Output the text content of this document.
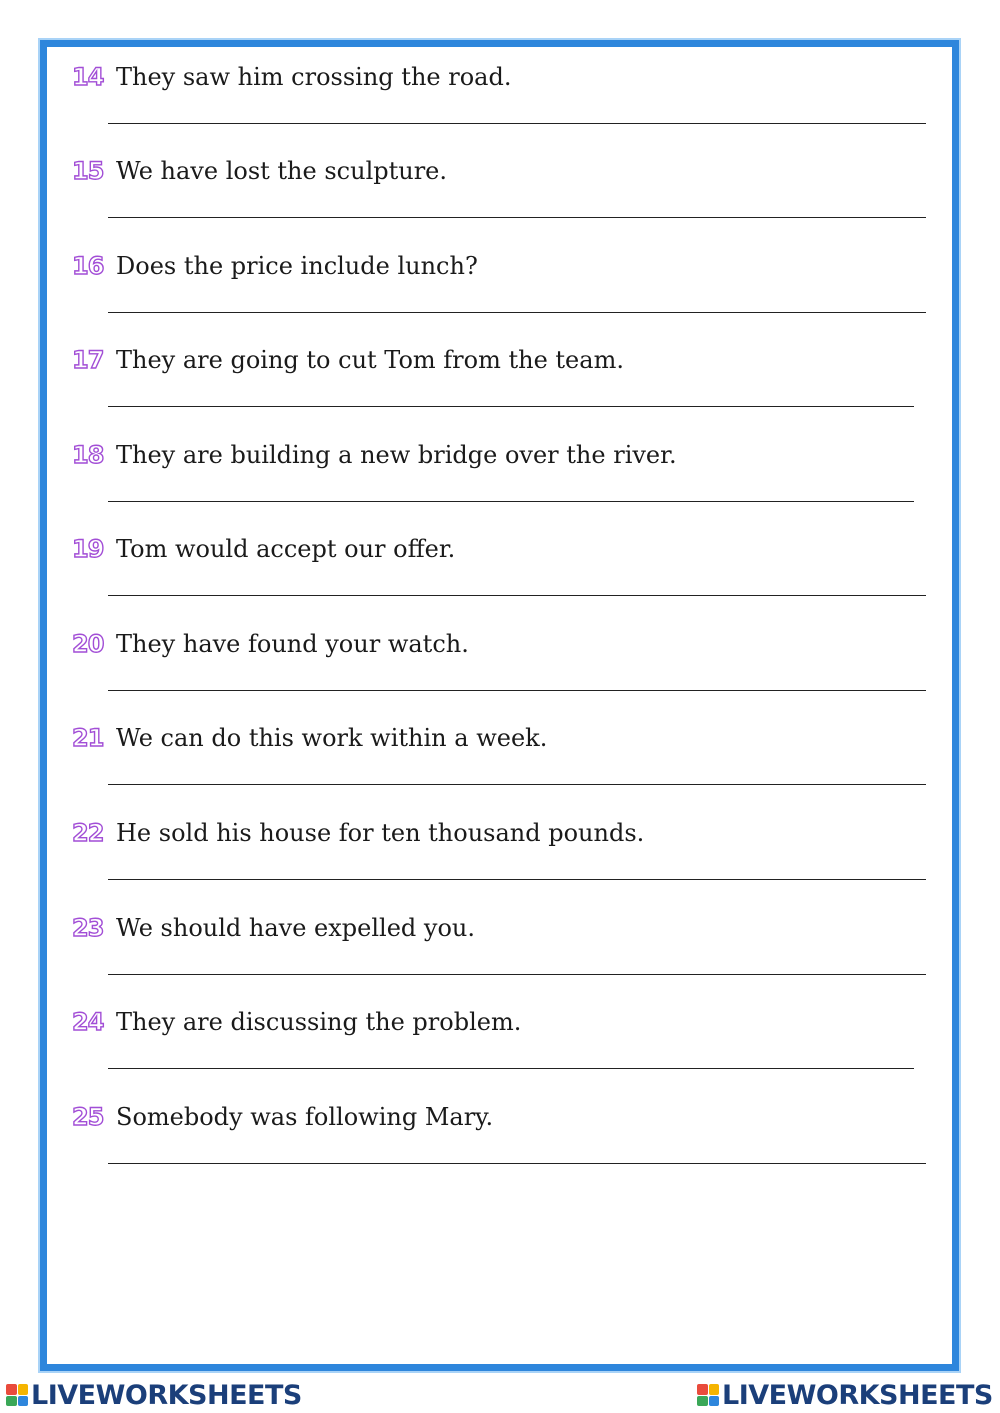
14 They saw him crossing the road.
15 We have lost the sculpture.
16 Does the price include lunch?
17 They are going to cut Tom from the team.
18 They are building a new bridge over the river.
19 Tom would accept our offer.
20 They have found your watch.
21 We can do this work within a week.
22 He sold his house for ten thousand pounds.
23 We should have expelled you.
24 They are discussing the problem.
25 Somebody was following Mary.
LIVEWORKSHEETS	LIVEWORKSHEETS
